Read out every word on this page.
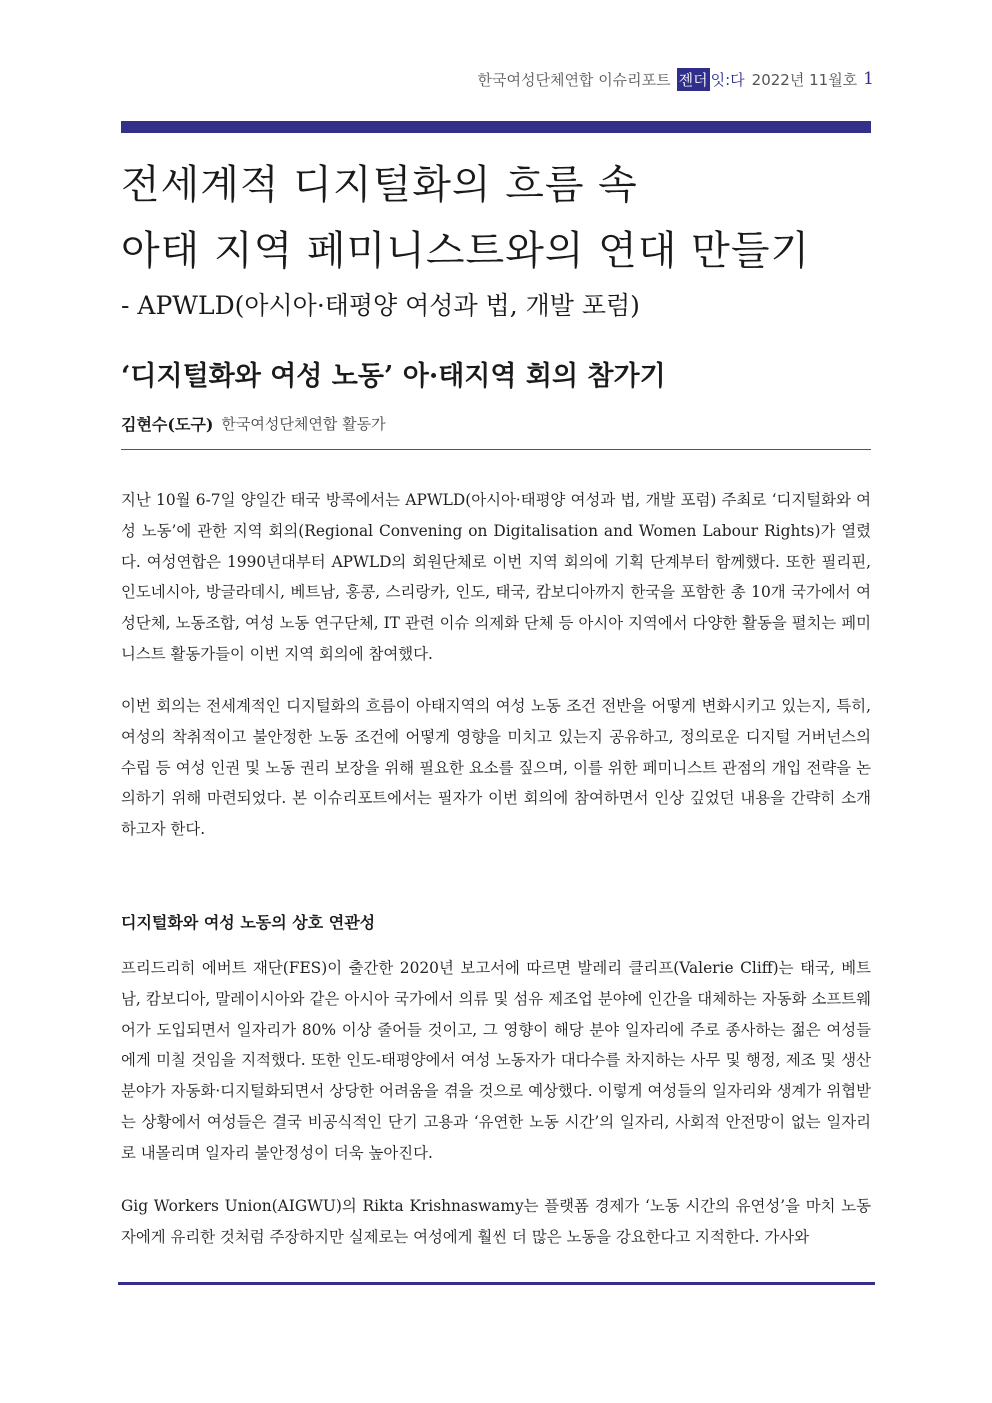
한국여성단체연합 이슈리포트 젠더 잇:다 2022년 11월호 1
전세계적 디지털화의 흐름 속
아태 지역 페미니스트와의 연대 만들기
- APWLD(아시아·태평양 여성과 법, 개발 포럼)
‘디지털화와 여성 노동’ 아·태지역 회의 참가기
김현수(도구) 한국여성단체연합 활동가

지난 10월 6-7일 양일간 태국 방콕에서는 APWLD(아시아·태평양 여성과 법, 개발 포럼) 주최로 ‘디지털화와 여성 노동’에 관한 지역 회의(Regional Convening on Digitalisation and Women Labour Rights)가 열렸다. 여성연합은 1990년대부터 APWLD의 회원단체로 이번 지역 회의에 기획 단계부터 함께했다. 또한 필리핀, 인도네시아, 방글라데시, 베트남, 홍콩, 스리랑카, 인도, 태국, 캄보디아까지 한국을 포함한 총 10개 국가에서 여성단체, 노동조합, 여성 노동 연구단체, IT 관련 이슈 의제화 단체 등 아시아 지역에서 다양한 활동을 펼치는 페미니스트 활동가들이 이번 지역 회의에 참여했다.

이번 회의는 전세계적인 디지털화의 흐름이 아태지역의 여성 노동 조건 전반을 어떻게 변화시키고 있는지, 특히, 여성의 착취적이고 불안정한 노동 조건에 어떻게 영향을 미치고 있는지 공유하고, 정의로운 디지털 거버넌스의 수립 등 여성 인권 및 노동 권리 보장을 위해 필요한 요소를 짚으며, 이를 위한 페미니스트 관점의 개입 전략을 논의하기 위해 마련되었다. 본 이슈리포트에서는 필자가 이번 회의에 참여하면서 인상 깊었던 내용을 간략히 소개하고자 한다.

디지털화와 여성 노동의 상호 연관성

프리드리히 에버트 재단(FES)이 출간한 2020년 보고서에 따르면 발레리 클리프(Valerie Cliff)는 태국, 베트남, 캄보디아, 말레이시아와 같은 아시아 국가에서 의류 및 섬유 제조업 분야에 인간을 대체하는 자동화 소프트웨어가 도입되면서 일자리가 80% 이상 줄어들 것이고, 그 영향이 해당 분야 일자리에 주로 종사하는 젊은 여성들에게 미칠 것임을 지적했다. 또한 인도-태평양에서 여성 노동자가 대다수를 차지하는 사무 및 행정, 제조 및 생산 분야가 자동화·디지털화되면서 상당한 어려움을 겪을 것으로 예상했다. 이렇게 여성들의 일자리와 생계가 위협받는 상황에서 여성들은 결국 비공식적인 단기 고용과 ‘유연한 노동 시간’의 일자리, 사회적 안전망이 없는 일자리로 내몰리며 일자리 불안정성이 더욱 높아진다.

Gig Workers Union(AIGWU)의 Rikta Krishnaswamy는 플랫폼 경제가 ‘노동 시간의 유연성’을 마치 노동자에게 유리한 것처럼 주장하지만 실제로는 여성에게 훨씬 더 많은 노동을 강요한다고 지적한다. 가사와
